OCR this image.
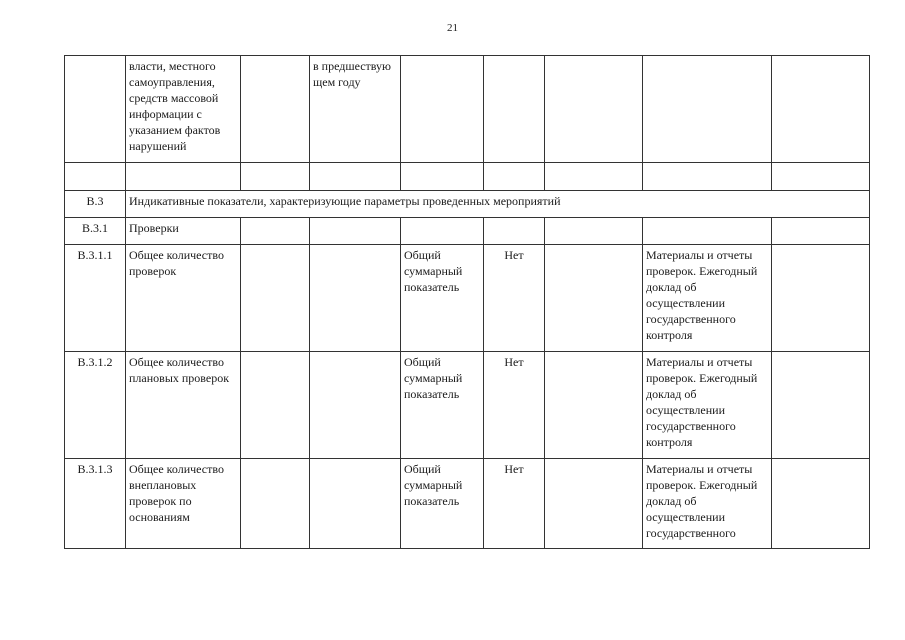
21
	власти, местного самоуправления, средств массовой информации с указанием фактов нарушений		в предшествую щем году					

В.3	Индикативные показатели, характеризующие параметры проведенных мероприятий							
В.3.1	Проверки							
В.3.1.1	Общее количество проверок			Общий суммарный показатель	Нет		Материалы и отчеты проверок. Ежегодный доклад об осуществлении государственного контроля	
В.3.1.2	Общее количество плановых проверок			Общий суммарный показатель	Нет		Материалы и отчеты проверок. Ежегодный доклад об осуществлении государственного контроля	
В.3.1.3	Общее количество внеплановых проверок по основаниям			Общий суммарный показатель	Нет		Материалы и отчеты проверок. Ежегодный доклад об осуществлении государственного	
